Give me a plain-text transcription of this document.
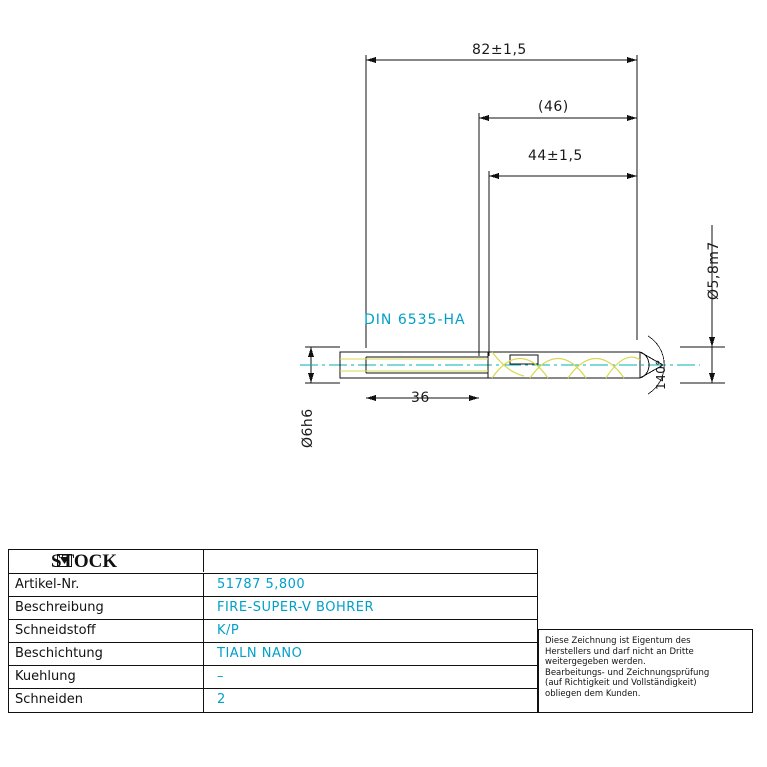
82±1,5
(46)
44±1,5
36
Ø6h6
Ø5,8m7
140°
DIN 6535-HA
STOCK
Artikel-Nr.	51787 5,800
Beschreibung	FIRE-SUPER-V BOHRER
Schneidstoff	K/P
Beschichtung	TIALN NANO
Kuehlung	–
Schneiden	2

Diese Zeichnung ist Eigentum des

Herstellers und darf nicht an Dritte

weitergegeben werden.

Bearbeitungs- und Zeichnungsprüfung

(auf Richtigkeit und Vollständigkeit)

obliegen dem Kunden.
